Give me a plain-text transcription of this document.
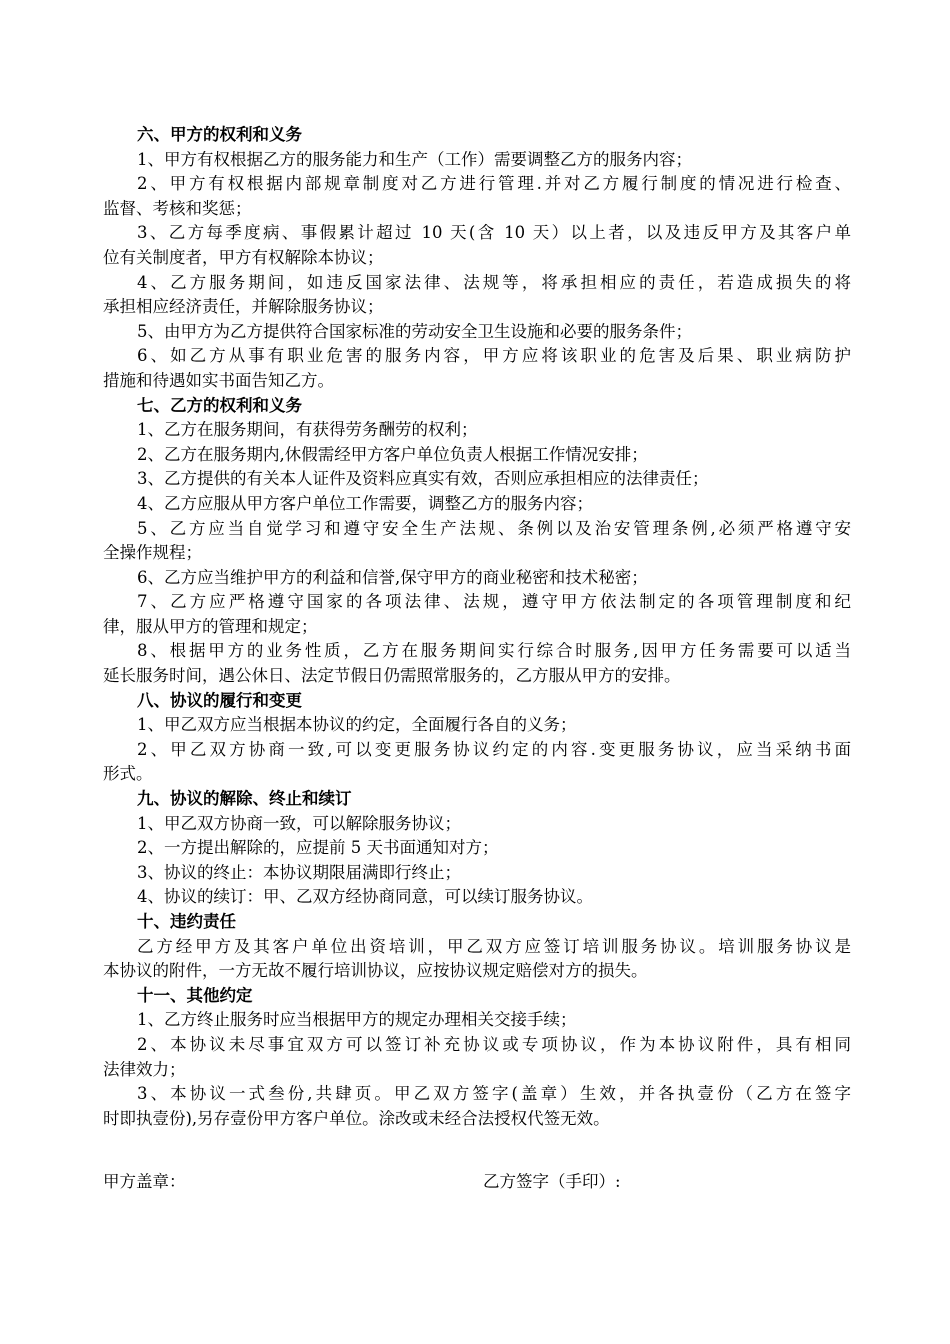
六、甲方的权利和义务
1、甲方有权根据乙方的服务能力和生产（工作）需要调整乙方的服务内容；
2、甲方有权根据内部规章制度对乙方进行管理.并对乙方履行制度的情况进行检查、
监督、考核和奖惩；
3、乙方每季度病、事假累计超过 10 天(含 10 天）以上者，以及违反甲方及其客户单
位有关制度者，甲方有权解除本协议；
4、乙方服务期间，如违反国家法律、法规等，将承担相应的责任，若造成损失的将
承担相应经济责任，并解除服务协议；
5、由甲方为乙方提供符合国家标准的劳动安全卫生设施和必要的服务条件；
6、如乙方从事有职业危害的服务内容，甲方应将该职业的危害及后果、职业病防护
措施和待遇如实书面告知乙方。
七、乙方的权利和义务
1、乙方在服务期间，有获得劳务酬劳的权利；
2、乙方在服务期内,休假需经甲方客户单位负责人根据工作情况安排；
3、乙方提供的有关本人证件及资料应真实有效，否则应承担相应的法律责任；
4、乙方应服从甲方客户单位工作需要，调整乙方的服务内容；
5、乙方应当自觉学习和遵守安全生产法规、条例以及治安管理条例,必须严格遵守安
全操作规程；
6、乙方应当维护甲方的利益和信誉,保守甲方的商业秘密和技术秘密；
7、乙方应严格遵守国家的各项法律、法规，遵守甲方依法制定的各项管理制度和纪
律，服从甲方的管理和规定；
8、根据甲方的业务性质，乙方在服务期间实行综合时服务,因甲方任务需要可以适当
延长服务时间，遇公休日、法定节假日仍需照常服务的，乙方服从甲方的安排。
八、协议的履行和变更
1、甲乙双方应当根据本协议的约定，全面履行各自的义务；
2、甲乙双方协商一致,可以变更服务协议约定的内容.变更服务协议，应当采纳书面
形式。
九、协议的解除、终止和续订
1、甲乙双方协商一致，可以解除服务协议；
2、一方提出解除的，应提前 5 天书面通知对方；
3、协议的终止：本协议期限届满即行终止；
4、协议的续订：甲、乙双方经协商同意，可以续订服务协议。
十、违约责任
乙方经甲方及其客户单位出资培训，甲乙双方应签订培训服务协议。培训服务协议是
本协议的附件，一方无故不履行培训协议，应按协议规定赔偿对方的损失。
十一、其他约定
1、乙方终止服务时应当根据甲方的规定办理相关交接手续；
2、本协议未尽事宜双方可以签订补充协议或专项协议，作为本协议附件，具有相同
法律效力；
3、本协议一式叁份,共肆页。甲乙双方签字(盖章）生效，并各执壹份（乙方在签字
时即执壹份),另存壹份甲方客户单位。涂改或未经合法授权代签无效。
甲方盖章：	乙方签字（手印）:
